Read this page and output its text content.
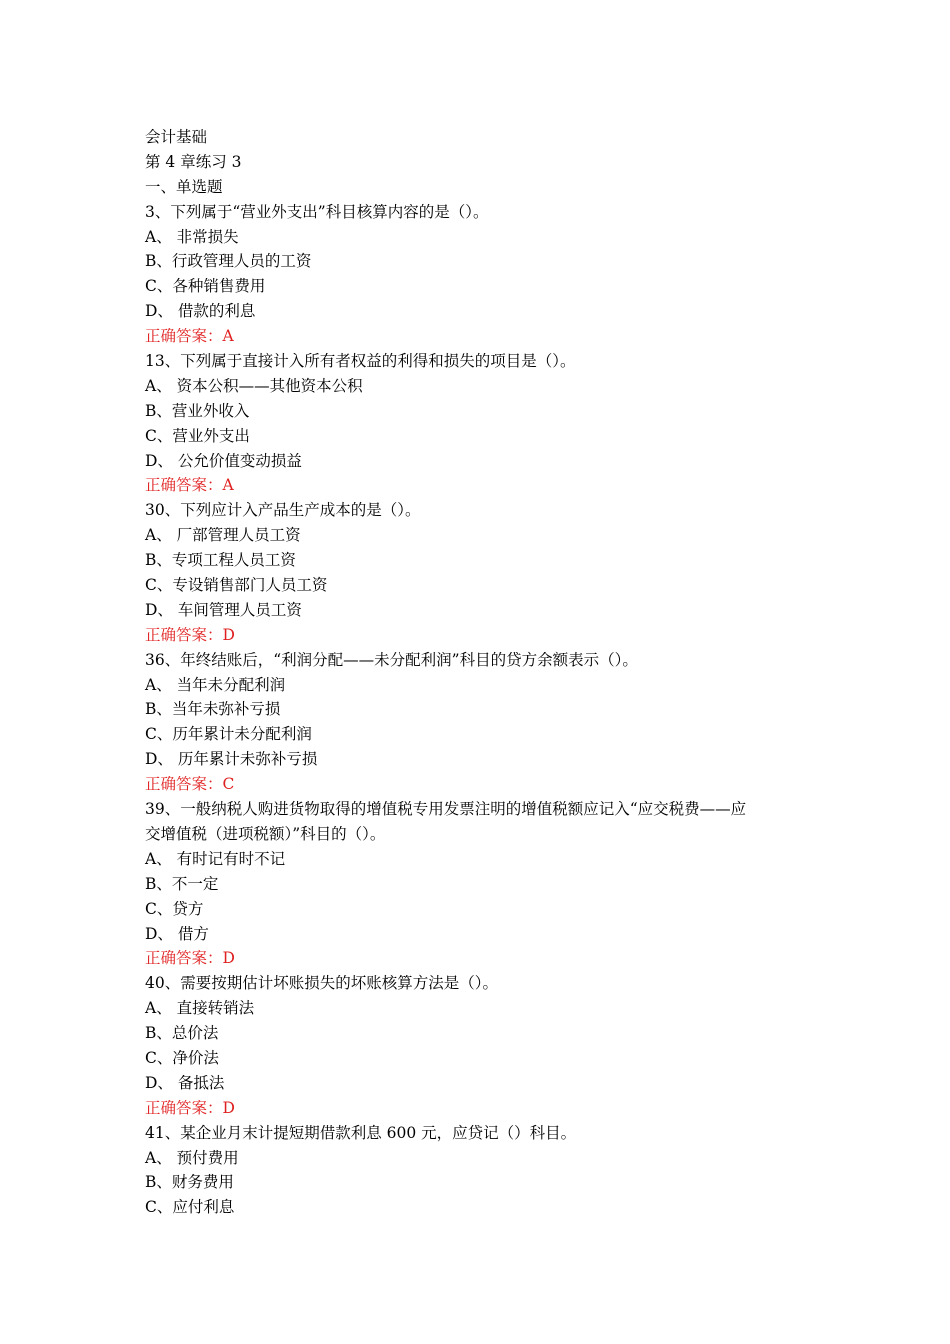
会计基础
第 4 章练习 3
一、单选题
3、下列属于“营业外支出”科目核算内容的是（）。
A、 非常损失
B、行政管理人员的工资
C、各种销售费用
D、 借款的利息
正确答案：A
13、下列属于直接计入所有者权益的利得和损失的项目是（）。
A、 资本公积——其他资本公积
B、营业外收入
C、营业外支出
D、 公允价值变动损益
正确答案：A
30、下列应计入产品生产成本的是（）。
A、 厂部管理人员工资
B、专项工程人员工资
C、专设销售部门人员工资
D、 车间管理人员工资
正确答案：D
36、年终结账后，“利润分配——未分配利润”科目的贷方余额表示（）。
A、 当年未分配利润
B、当年未弥补亏损
C、历年累计未分配利润
D、 历年累计未弥补亏损
正确答案：C
39、一般纳税人购进货物取得的增值税专用发票注明的增值税额应记入“应交税费——应
交增值税（进项税额）”科目的（）。
A、 有时记有时不记
B、不一定
C、贷方
D、 借方
正确答案：D
40、需要按期估计坏账损失的坏账核算方法是（）。
A、 直接转销法
B、总价法
C、净价法
D、 备抵法
正确答案：D
41、某企业月末计提短期借款利息 600 元，应贷记（）科目。
A、 预付费用
B、财务费用
C、应付利息
